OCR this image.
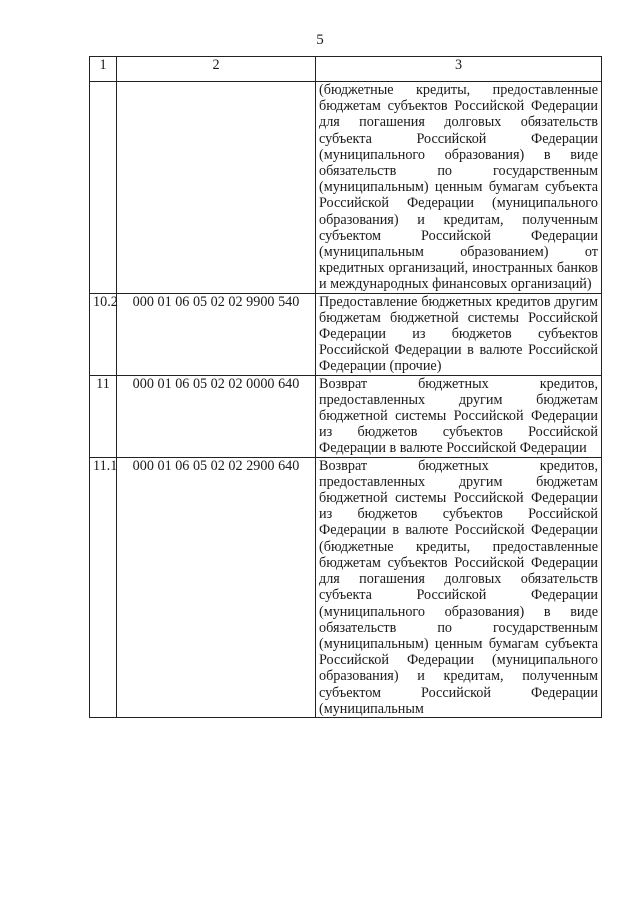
5
1	2	3
		(бюджетные кредиты, предоставленные бюджетам субъектов Российской Федерации для погашения долговых обязательств субъекта Российской Федерации (муниципального образования) в виде обязательств по государственным (муниципальным) ценным бумагам субъекта Российской Федерации (муниципального образования) и кредитам, полученным субъектом Российской Федерации (муниципальным образованием) от кредитных организаций, иностранных банков и международных финансовых организаций)
10.2	000 01 06 05 02 02 9900 540	Предоставление бюджетных кредитов другим бюджетам бюджетной системы Российской Федерации из бюджетов субъектов Российской Федерации в валюте Российской Федерации (прочие)
11	000 01 06 05 02 02 0000 640	Возврат бюджетных кредитов, предоставленных другим бюджетам бюджетной системы Российской Федерации из бюджетов субъектов Российской Федерации в валюте Российской Федерации
11.1	000 01 06 05 02 02 2900 640	Возврат бюджетных кредитов, предоставленных другим бюджетам бюджетной системы Российской Федерации из бюджетов субъектов Российской Федерации в валюте Российской Федерации (бюджетные кредиты, предоставленные бюджетам субъектов Российской Федерации для погашения долговых обязательств субъекта Российской Федерации (муниципального образования) в виде обязательств по государственным (муниципальным) ценным бумагам субъекта Российской Федерации (муниципального образования) и кредитам, полученным субъектом Российской Федерации (муниципальным
